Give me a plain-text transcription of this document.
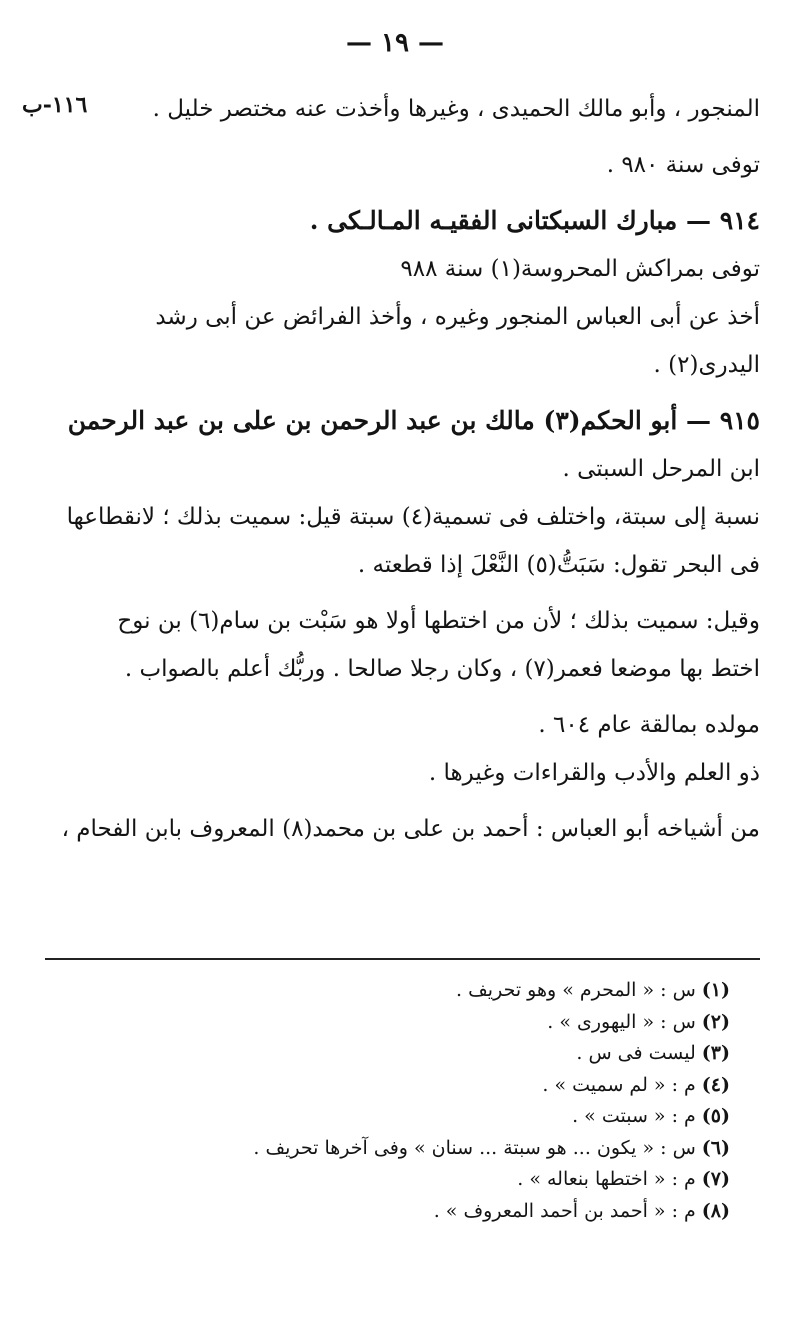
— ١٩ —
١١٦-ب	المنجور ، وأبو مالك الحميدى ، وغيرها وأخذت عنه مختصر خليل .
توفى سنة ٩٨٠ .
٩١٤ — مبارك السبكتانى الفقيـه المـالـكى .
توفى بمراكش المحروسة(١) سنة ٩٨٨
أخذ عن أبى العباس المنجور وغيره ، وأخذ الفرائض عن أبى رشد
اليدرى(٢) .
٩١٥ — أبو الحكم(٣) مالك بن عبد الرحمن بن على بن عبد الرحمن
ابن المرحل السبتى .
نسبة إلى سبتة، واختلف فى تسمية(٤) سبتة قيل: سميت بذلك ؛ لانقطاعها
فى البحر تقول: سَبَتُّ(٥) النَّعْلَ إذا قطعته .
وقيل: سميت بذلك ؛ لأن من اختطها أولا هو سَبْت بن سام(٦) بن نوح
اختط بها موضعا فعمر(٧) ، وكان رجلا صالحا . وربُّك أعلم بالصواب .
مولده بمالقة عام ٦٠٤ .
ذو العلم والأدب والقراءات وغيرها .
من أشياخه أبو العباس : أحمد بن على بن محمد(٨) المعروف بابن الفحام ،
(١)س : « المحرم » وهو تحريف .
(٢)س : « اليهورى » .
(٣)ليست فى س .
(٤)م : « لم سميت » .
(٥)م : « سبتت » .
(٦)س : « يكون ... هو سبتة ... سنان » وفى آخرها تحريف .
(٧)م : « اختطها بنعاله » .
(٨)م : « أحمد بن أحمد المعروف » .
